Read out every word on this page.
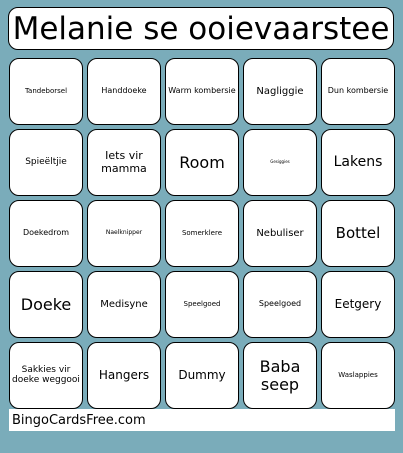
Melanie se ooievaarstee
Tandeborsel	Handdoeke	Warm kombersie	Nagliggie	Dun kombersie
Spieëltjie	Iets vir mamma	Room	Gesiggies	Lakens
Doekedrom	Naelknipper	Somerklere	Nebuliser	Bottel
Doeke	Medisyne	Speelgoed	Speelgoed	Eetgery
Sakkies vir doeke weggooi	Hangers	Dummy	Baba seep	Waslappies
BingoCardsFree.com
